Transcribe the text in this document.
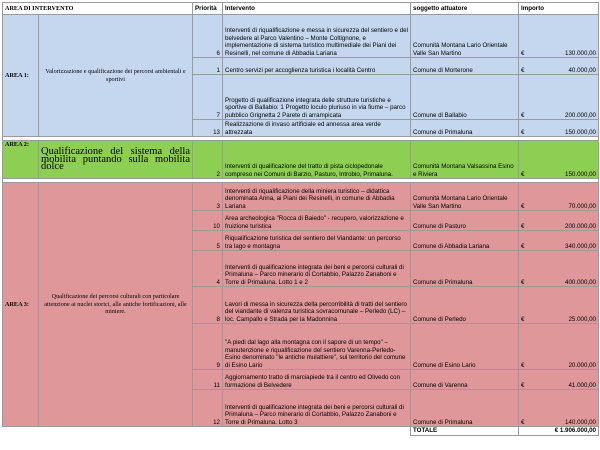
AREA DI INTERVENTO		Priorità	Intervento	soggetto attuatore	Importo
AREA 1:	Valorizzazione e qualificazione dei percorsi ambientali e sportivi	6	Interventi di riqualificazione e messa in sicurezza del sentiero e del belvedere al Parco Valentino – Monte Coltignone, e implementazione di sistema turistico multimediale dei Piani dei Resinelli, nel comune di Abbadia Lariana	Comunità Montana Lario Orientale Valle San Martino	€ 130.000,00

		1	Centro servizi per accoglienza turistica i località Centro	Comune di Morterone	€ 40.000,00

		7	Progetto di qualificazione integrata delle strutture turistiche e sportive di Ballabio: 1 Progetto loculo pluriuso in via fiume – parco pubblico Grignetta 2 Parete di arrampicata	Comune di Ballabio	€ 200.000,00

		13	Realizzazione di invaso artificiale ed annessa area verde attrezzata	Comune di Primaluna	€ 150.000,00

AREA 2:	Qualificazione del sistema della mobilita puntando sulla mobilita dolce	2	Interventi di qualificazione del tratto di pista ciclopedonale compreso nei Comuni di Barzio, Pasturo, Introbio, Primaluna.	Comunità Montana Valsassina Esino e Riviera	€ 150.000,00

AREA 3:	Qualificazione dei percorsi culturali con particolare attenzione ai nuclei storici, alle antiche fortificazioni, alle miniere.	3	Interventi di riqualificazione della miniera turistico – didattica denominata Anna, ai Piani dei Resinelli, in comune di Abbadia Lariana	Comunità Montana Lario Orientale Valle San Martino	€ 70.000,00

		10	Area archeologica "Rocca di Baiedo" - recupero, valorizzazione e fruizione turistica	Comune di Pasturo	€ 200.000,00

		5	Riqualificazione turistica del sentiero del Viandante: un percorso tra lago e montagna	Comune di Abbadia Lariana	€ 340.000,00

		4	Interventi di qualificazione integrata dei beni e percorsi culturali di Primaluna – Parco minerario di Cortabbio, Palazzo Zanaboni e Torre di Primaluna. Lotto 1 e 2	Comune di Primaluna	€ 400.000,00

		8	Lavori di messa in sicurezza della percorribilità di tratti del sentiero del viandante di valenza turistica sovracomunale – Perledo (LC) – loc. Campallo e Strada per la Madonnina	Comune di Perledo	€ 25.000,00

		9	"A piedi dal lago alla montagna con il sapore di un tempo" – manutenzione e riqualificazione del sentiero Varenna-Perledo-Esino denominato "le antiche mulattiere", sul territorio del comune di Esino Lario	Comune di Esino Lario	€ 20.000,00

		11	Aggiornamento tratto di marciapiede tra il centro ed Olivedo con formazione di Belvedere	Comune di Varenna	€ 41.000,00

		12	Interventi di qualificazione integrata dei beni e percorsi culturali di Primaluna – Parco minerario di Cortabbio, Palazzo Zanaboni e Torre di Primaluna. Lotto 3	Comune di Primaluna	€ 140.000,00

				TOTALE	€ 1.906.000,00
